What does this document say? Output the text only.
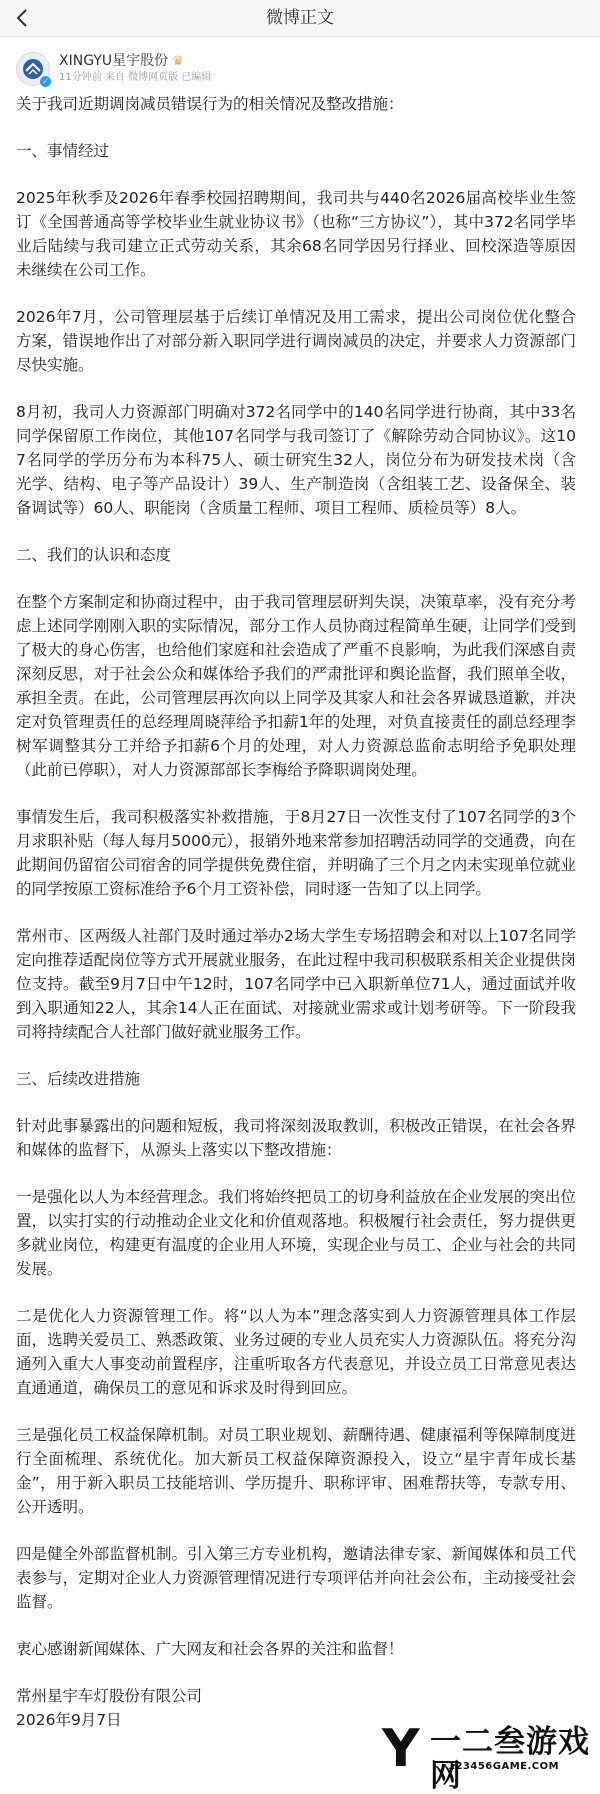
微博正文
✓
XINGYU星宇股份 ♛
11分钟前 来自 微博网页版 已编辑

关于我司近期调岗减员错误行为的相关情况及整改措施：

一、事情经过

2025年秋季及2026年春季校园招聘期间，我司共与440名2026届高校毕业生签订《全国普通高等学校毕业生就业协议书》（也称“三方协议”），其中372名同学毕业后陆续与我司建立正式劳动关系，其余68名同学因另行择业、回校深造等原因未继续在公司工作。

2026年7月，公司管理层基于后续订单情况及用工需求，提出公司岗位优化整合方案，错误地作出了对部分新入职同学进行调岗减员的决定，并要求人力资源部门尽快实施。

8月初，我司人力资源部门明确对372名同学中的140名同学进行协商，其中33名同学保留原工作岗位，其他107名同学与我司签订了《解除劳动合同协议》。这107名同学的学历分布为本科75人、硕士研究生32人，岗位分布为研发技术岗（含光学、结构、电子等产品设计）39人、生产制造岗（含组装工艺、设备保全、装备调试等）60人、职能岗（含质量工程师、项目工程师、质检员等）8人。

二、我们的认识和态度

在整个方案制定和协商过程中，由于我司管理层研判失误，决策草率，没有充分考虑上述同学刚刚入职的实际情况，部分工作人员协商过程简单生硬，让同学们受到了极大的身心伤害，也给他们家庭和社会造成了严重不良影响，为此我们深感自责深刻反思，对于社会公众和媒体给予我们的严肃批评和舆论监督，我们照单全收，承担全责。在此，公司管理层再次向以上同学及其家人和社会各界诚恳道歉，并决定对负管理责任的总经理周晓萍给予扣薪1年的处理，对负直接责任的副总经理李树军调整其分工并给予扣薪6个月的处理，对人力资源总监俞志明给予免职处理（此前已停职），对人力资源部部长李梅给予降职调岗处理。

事情发生后，我司积极落实补救措施，于8月27日一次性支付了107名同学的3个月求职补贴（每人每月5000元），报销外地来常参加招聘活动同学的交通费，向在此期间仍留宿公司宿舍的同学提供免费住宿，并明确了三个月之内未实现单位就业的同学按原工资标准给予6个月工资补偿，同时逐一告知了以上同学。

常州市、区两级人社部门及时通过举办2场大学生专场招聘会和对以上107名同学定向推荐适配岗位等方式开展就业服务，在此过程中我司积极联系相关企业提供岗位支持。截至9月7日中午12时，107名同学中已入职新单位71人，通过面试并收到入职通知22人，其余14人正在面试、对接就业需求或计划考研等。下一阶段我司将持续配合人社部门做好就业服务工作。

三、后续改进措施

针对此事暴露出的问题和短板，我司将深刻汲取教训，积极改正错误，在社会各界和媒体的监督下，从源头上落实以下整改措施：

一是强化以人为本经营理念。我们将始终把员工的切身利益放在企业发展的突出位置，以实打实的行动推动企业文化和价值观落地。积极履行社会责任，努力提供更多就业岗位，构建更有温度的企业用人环境，实现企业与员工、企业与社会的共同发展。

二是优化人力资源管理工作。将“以人为本”理念落实到人力资源管理具体工作层面，选聘关爱员工、熟悉政策、业务过硬的专业人员充实人力资源队伍。将充分沟通列入重大人事变动前置程序，注重听取各方代表意见，并设立员工日常意见表达直通通道，确保员工的意见和诉求及时得到回应。

三是强化员工权益保障机制。对员工职业规划、薪酬待遇、健康福利等保障制度进行全面梳理、系统优化。加大新员工权益保障资源投入，设立“星宇青年成长基金”，用于新入职员工技能培训、学历提升、职称评审、困难帮扶等，专款专用、公开透明。

四是健全外部监督机制。引入第三方专业机构，邀请法律专家、新闻媒体和员工代表参与，定期对企业人力资源管理情况进行专项评估并向社会公布，主动接受社会监督。

衷心感谢新闻媒体、广大网友和社会各界的关注和监督！

常州星宇车灯股份有限公司
2026年9月7日	Y 一二叁游戏网
123456GAME.COM
